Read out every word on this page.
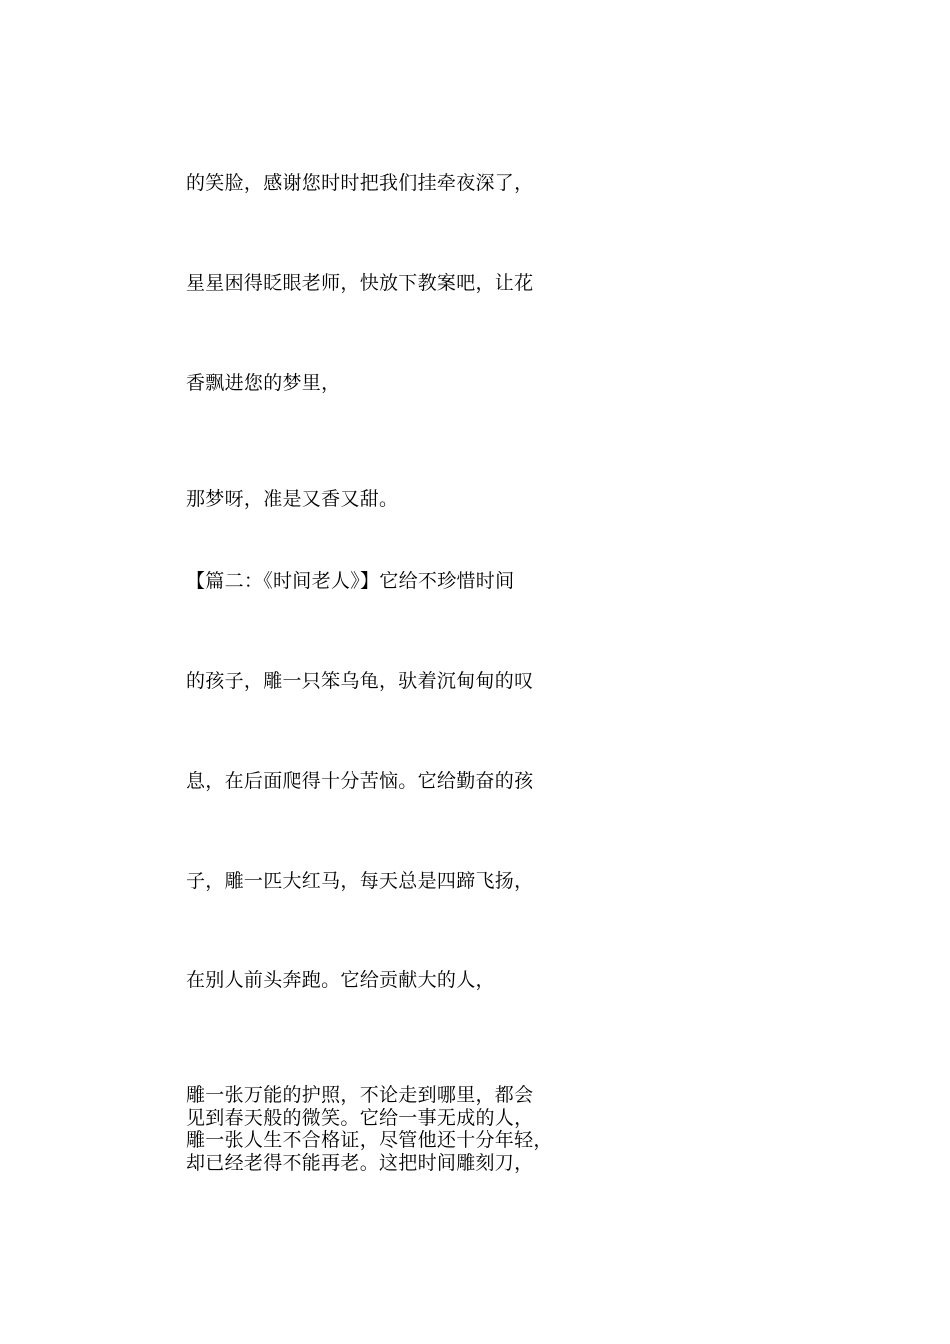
的笑脸，感谢您时时把我们挂牵夜深了，

星星困得眨眼老师，快放下教案吧，让花

香飘进您的梦里，

那梦呀，准是又香又甜。

【篇二：《时间老人》】它给不珍惜时间

的孩子，雕一只笨乌龟，驮着沉甸甸的叹

息，在后面爬得十分苦恼。它给勤奋的孩

子，雕一匹大红马，每天总是四蹄飞扬，

在别人前头奔跑。它给贡献大的人，

雕一张万能的护照，不论走到哪里，都会
见到春天般的微笑。它给一事无成的人，
雕一张人生不合格证，尽管他还十分年轻，
却已经老得不能再老。这把时间雕刻刀，
